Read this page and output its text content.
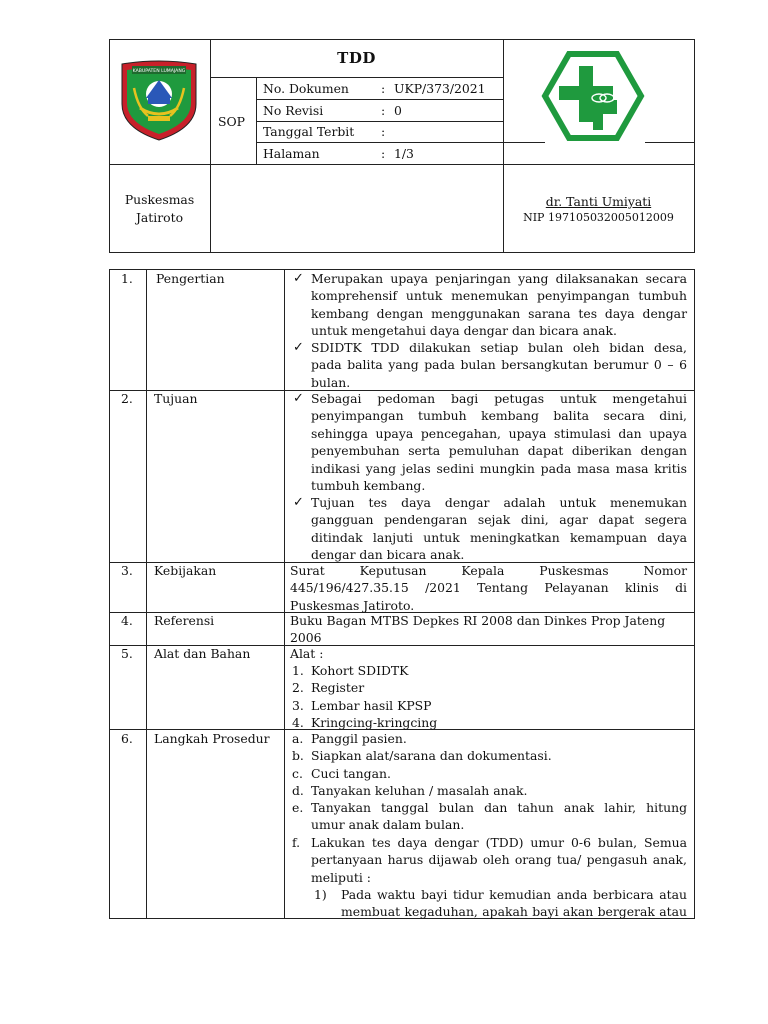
KABUPATEN LUMAJANG
TDD
SOP
No. Dokumen	: UKP/373/2021
No Revisi	: 0
Tanggal Terbit :
Halaman	: 1/3
Puskesmas
Jatiroto
dr. Tanti Umiyati
NIP 197105032005012009
1. Pengertian	✓ Merupakan upaya penjaringan yang dilaksanakan secara
komprehensif untuk menemukan penyimpangan tumbuh
kembang dengan menggunakan sarana tes daya dengar
untuk mengetahui daya dengar dan bicara anak.
✓ SDIDTK TDD dilakukan setiap bulan oleh bidan desa,
pada balita yang pada bulan bersangkutan berumur 0 – 6
bulan.
2. Tujuan	✓ Sebagai pedoman bagi petugas untuk mengetahui
penyimpangan tumbuh kembang balita secara dini,
sehingga upaya pencegahan, upaya stimulasi dan upaya
penyembuhan serta pemuluhan dapat diberikan dengan
indikasi yang jelas sedini mungkin pada masa masa kritis
tumbuh kembang.
✓ Tujuan tes daya dengar adalah untuk menemukan
gangguan pendengaran sejak dini, agar dapat segera
ditindak lanjuti untuk meningkatkan kemampuan daya
dengar dan bicara anak.
3. Kebijakan	Surat Keputusan Kepala Puskesmas Nomor
445/196/427.35.15 /2021 Tentang Pelayanan klinis di
Puskesmas Jatiroto.
4. Referensi	Buku Bagan MTBS Depkes RI 2008 dan Dinkes Prop Jateng
2006
5. Alat dan Bahan	Alat :
1. Kohort SDIDTK
2. Register
3. Lembar hasil KPSP
4. Kringcing-kringcing
6. Langkah Prosedur a. Panggil pasien.
b. Siapkan alat/sarana dan dokumentasi.
c. Cuci tangan.
d. Tanyakan keluhan / masalah anak.
e. Tanyakan tanggal bulan dan tahun anak lahir, hitung
umur anak dalam bulan.
f. Lakukan tes daya dengar (TDD) umur 0-6 bulan, Semua
pertanyaan harus dijawab oleh orang tua/ pengasuh anak,
meliputi :
1) Pada waktu bayi tidur kemudian anda berbicara atau
membuat kegaduhan, apakah bayi akan bergerak atau
